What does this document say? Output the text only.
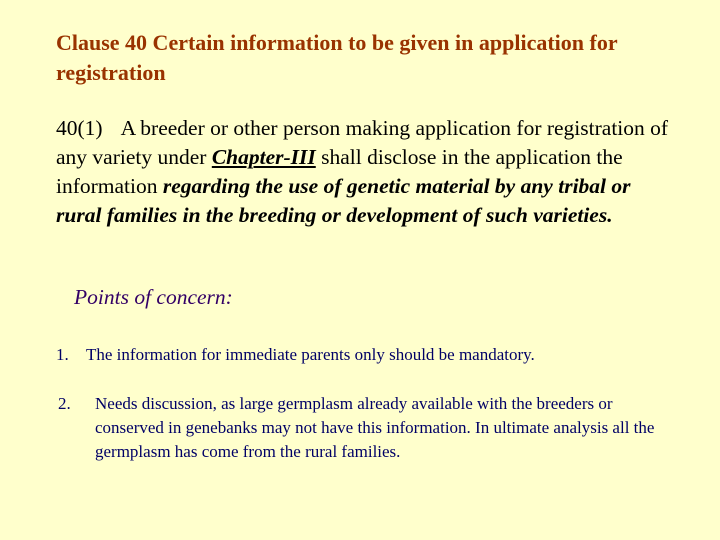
Clause 40 Certain information to be given in application for registration
40(1) A breeder or other person making application for registration of any variety under Chapter-III shall disclose in the application the information regarding the use of genetic material by any tribal or rural families in the breeding or development of such varieties.
Points of concern:
1. The information for immediate parents only should be mandatory.
2. Needs discussion, as large germplasm already available with the breeders or conserved in genebanks may not have this information. In ultimate analysis all the germplasm has come from the rural families.
